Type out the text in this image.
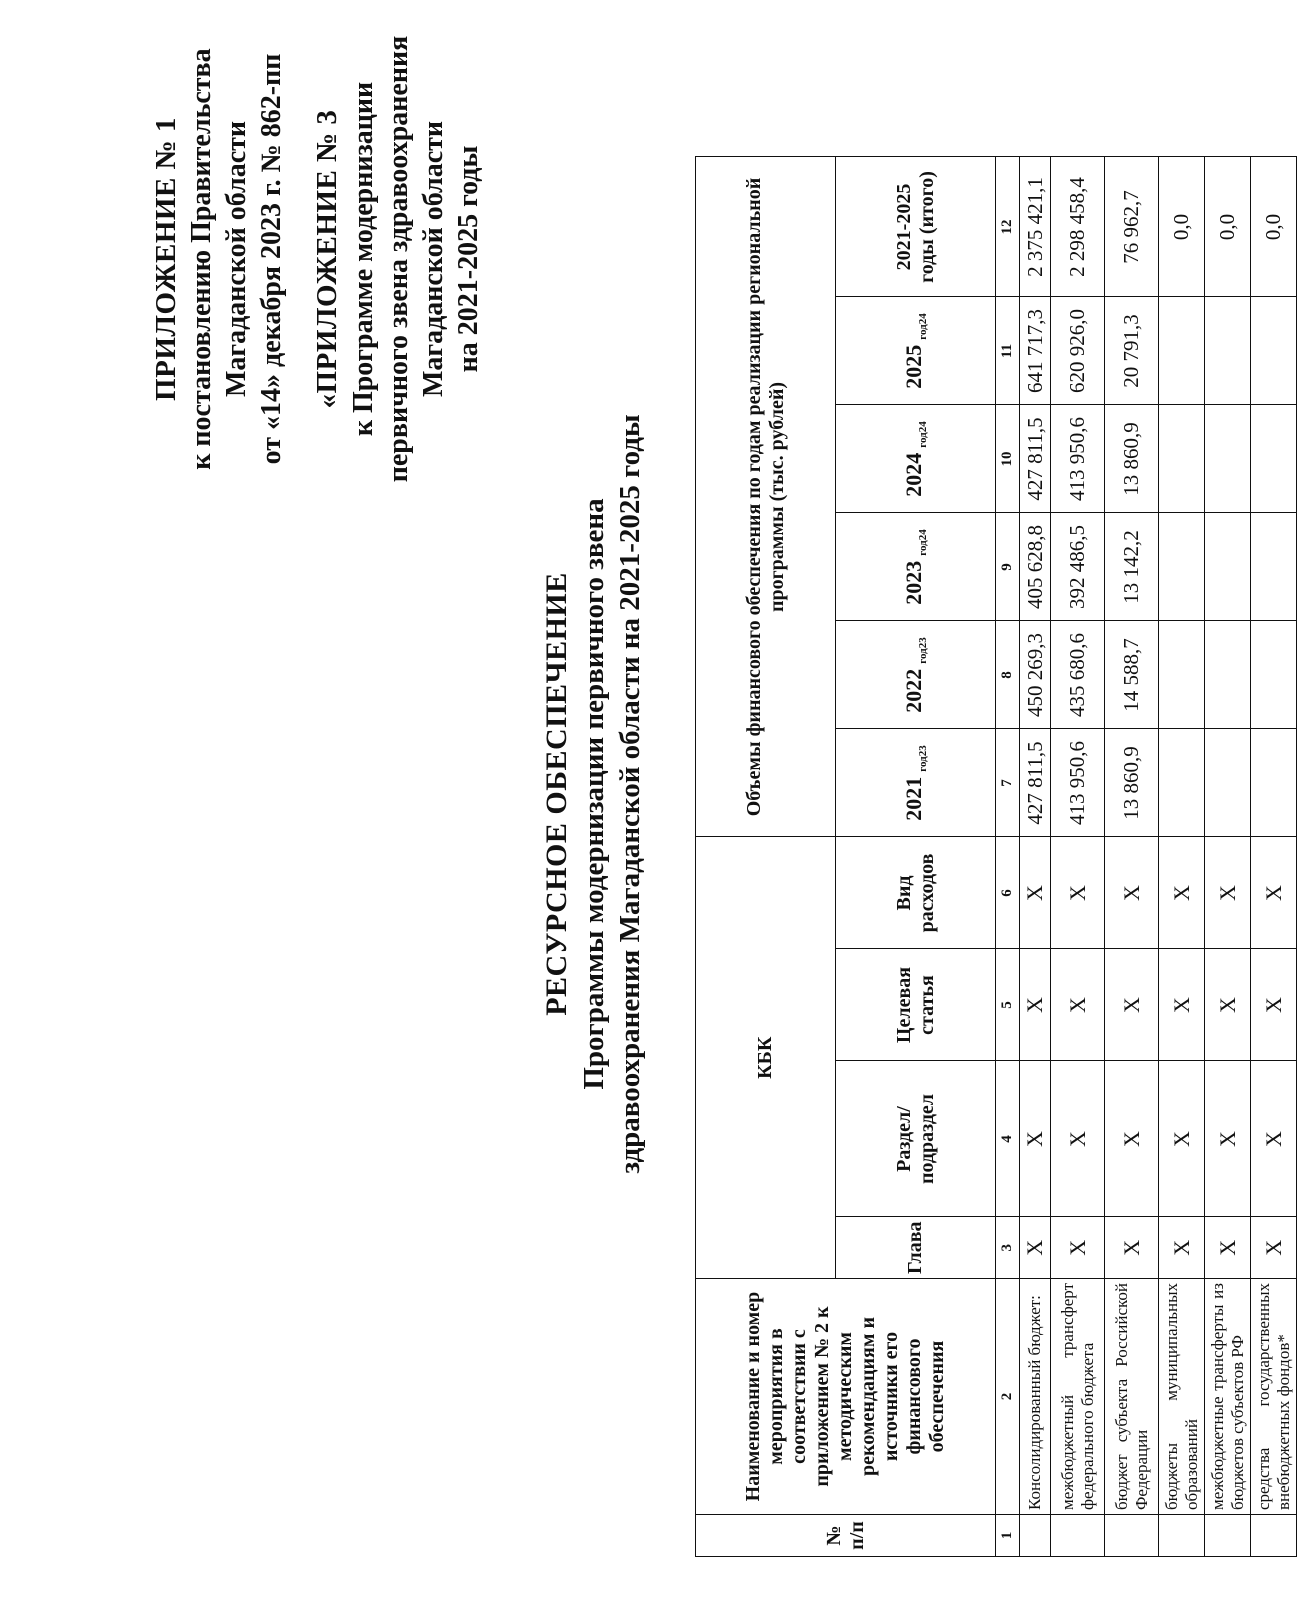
ПРИЛОЖЕНИЕ № 1 к постановлению Правительства Магаданской области от «14» декабря 2023 г. № 862-пп «ПРИЛОЖЕНИЕ № 3 к Программе модернизации первичного звена здравоохранения Магаданской области на 2021-2025 годы
РЕСУРСНОЕ ОБЕСПЕЧЕНИЕ Программы модернизации первичного звена здравоохранения Магаданской области на 2021-2025 годы
№ п/п	Наименование и номер мероприятия в соответствии с приложением № 2 к методическим рекомендациям и источники его финансового обеспечения	КБК				Объемы финансового обеспечения по годам реализации региональной программы (тыс. рублей)					
		Глава	Раздел/подраздел	Целевая статья	Вид расходов	2021 $_{год23}$	2022 $_{год23}$	2023 $_{год24}$	2024 $_{год24}$	2025 $_{год24}$	2021-2025 годы (итого)
1	2	3	4	5	6	7	8	9	10	11	12
	Консолидированный бюджет:	X	X	X	X	427 811,5	450 269,3	405 628,8	427 811,5	641 717,3	2 375 421,1
	межбюджетный трансферт федерального бюджета	X	X	X	X	413 950,6	435 680,6	392 486,5	413 950,6	620 926,0	2 298 458,4
	бюджет субъекта Российской Федерации	X	X	X	X	13 860,9	14 588,7	13 142,2	13 860,9	20 791,3	76 962,7
	бюджеты муниципальных образований	X	X	X	X						0,0
	межбюджетные трансферты из бюджетов субъектов РФ	X	X	X	X						0,0
	средства государственных внебюджетных фондов*	X	X	X	X						0,0
